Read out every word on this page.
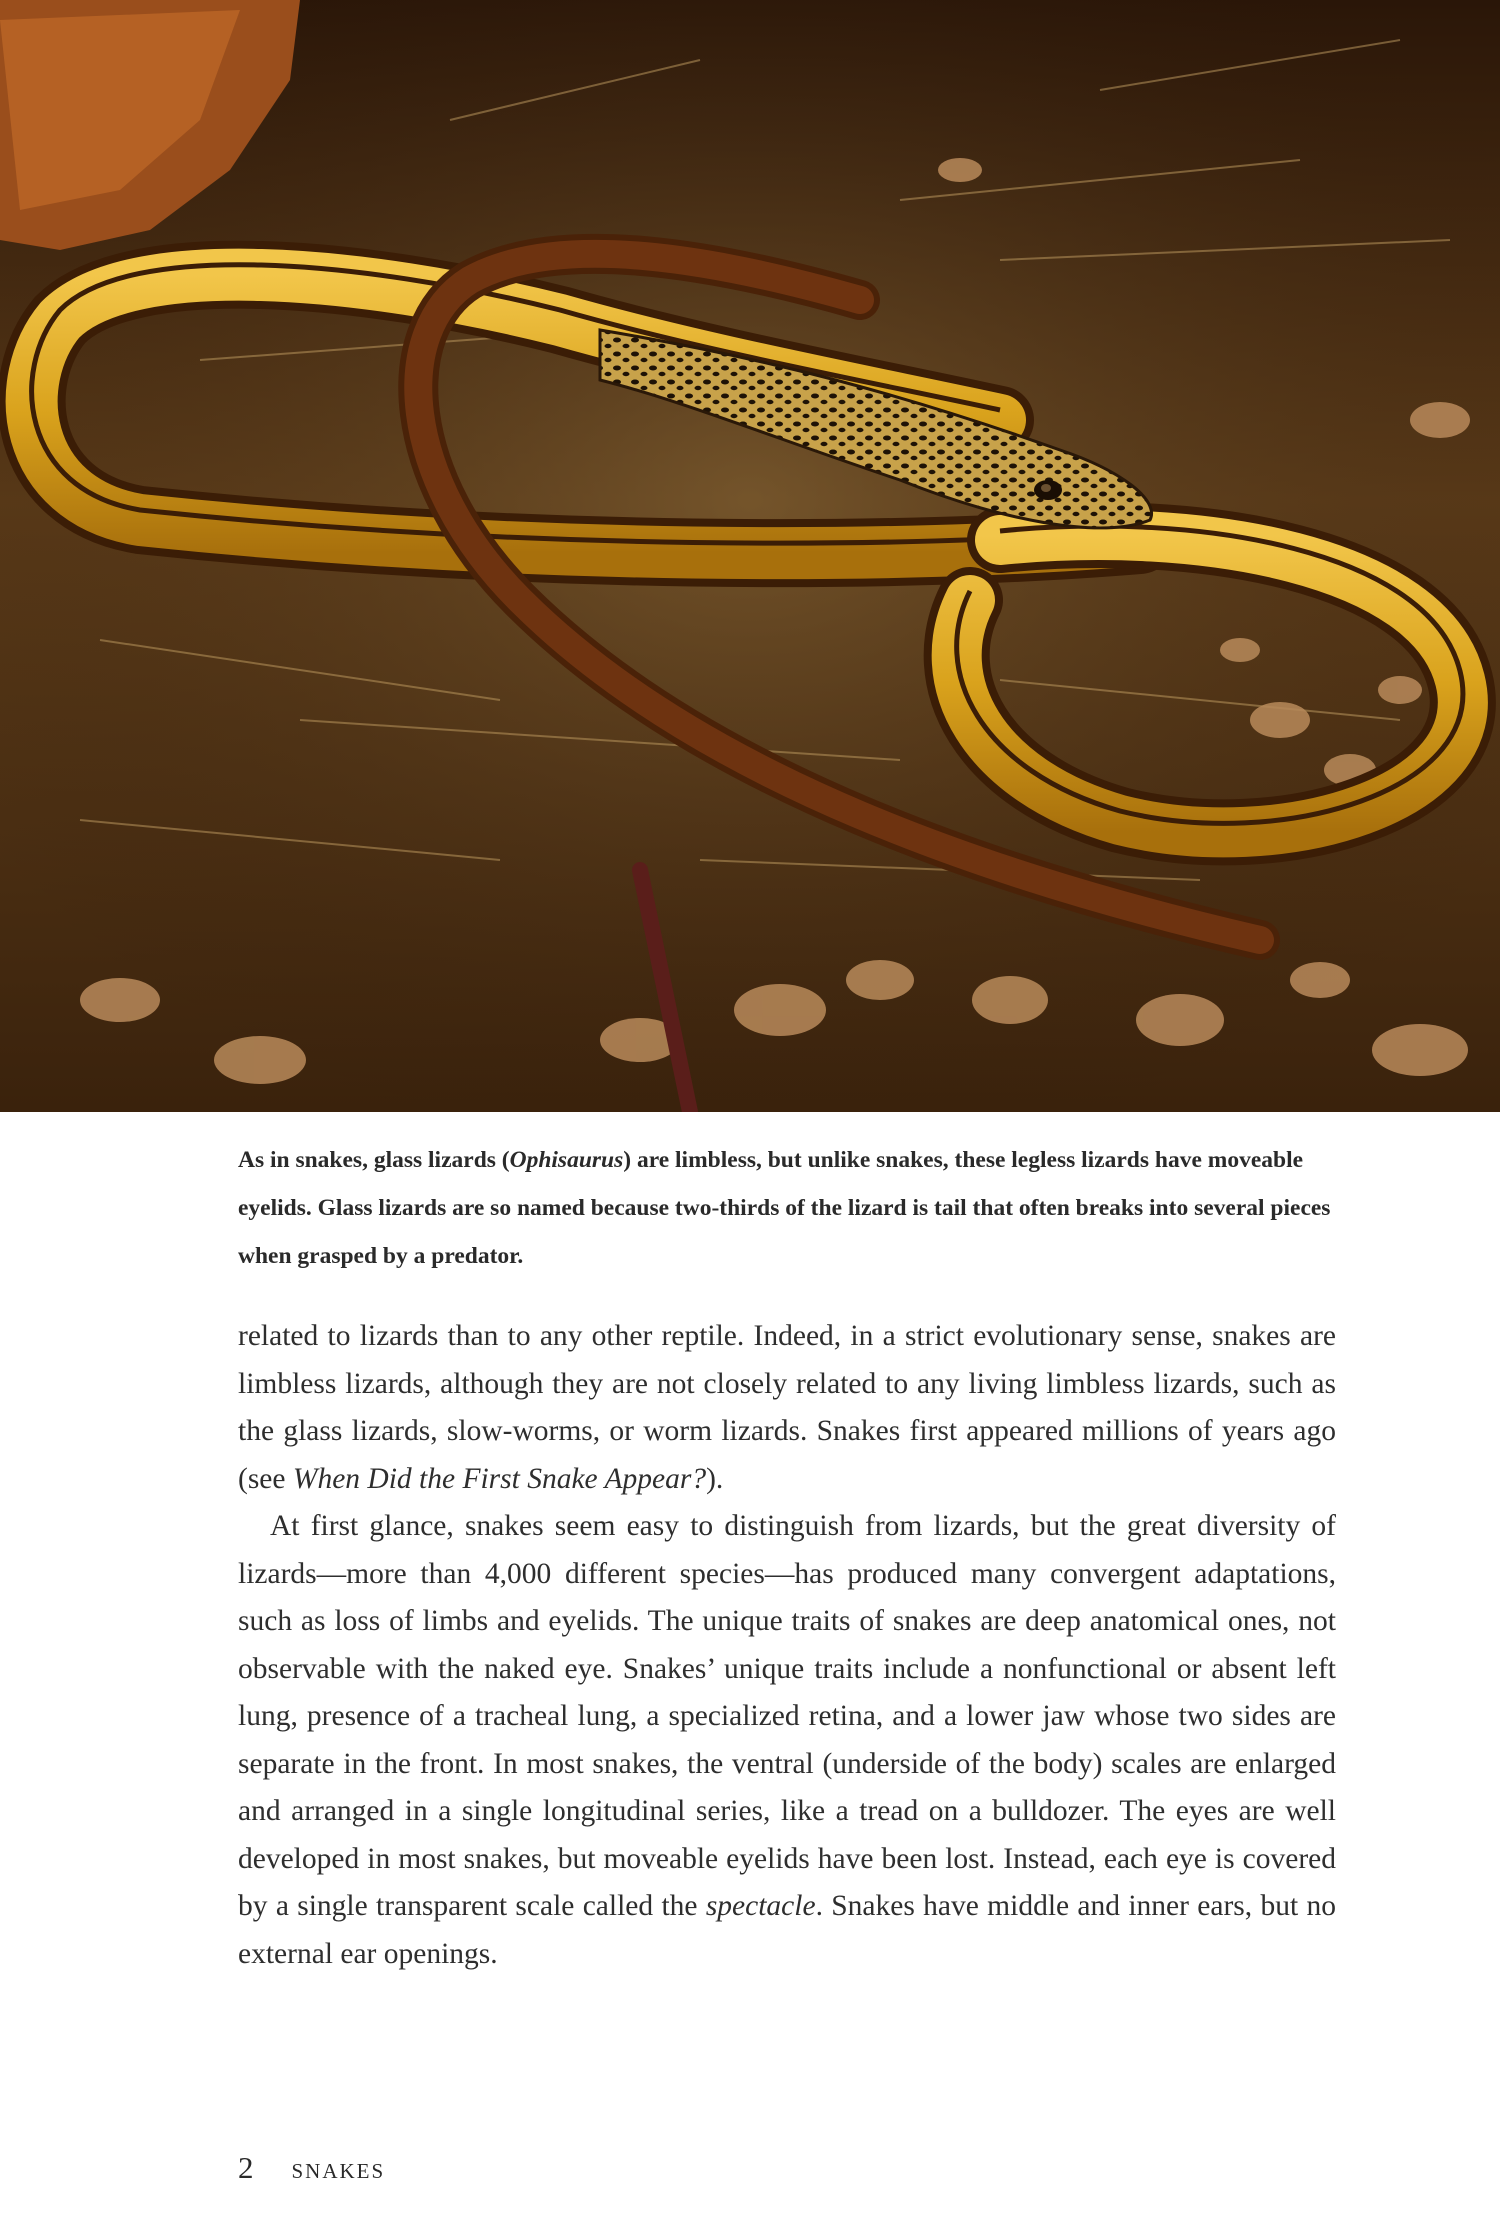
As in snakes, glass lizards (Ophisaurus) are limbless, but unlike snakes, these legless lizards have moveable eyelids. Glass lizards are so named because two-thirds of the lizard is tail that often breaks into several pieces when grasped by a predator.

related to lizards than to any other reptile. Indeed, in a strict evolutionary sense, snakes are limbless lizards, although they are not closely related to any living limbless lizards, such as the glass lizards, slow-worms, or worm lizards. Snakes first appeared millions of years ago (see When Did the First Snake Appear?).

At first glance, snakes seem easy to distinguish from lizards, but the great diversity of lizards—more than 4,000 different species—has produced many convergent adaptations, such as loss of limbs and eyelids. The unique traits of snakes are deep anatomical ones, not observable with the naked eye. Snakes’ unique traits include a nonfunctional or absent left lung, presence of a tracheal lung, a specialized retina, and a lower jaw whose two sides are separate in the front. In most snakes, the ventral (underside of the body) scales are enlarged and arranged in a single longitudinal series, like a tread on a bulldozer. The eyes are well developed in most snakes, but moveable eyelids have been lost. Instead, each eye is covered by a single transparent scale called the spectacle. Snakes have middle and inner ears, but no external ear openings.

2 SNAKES
